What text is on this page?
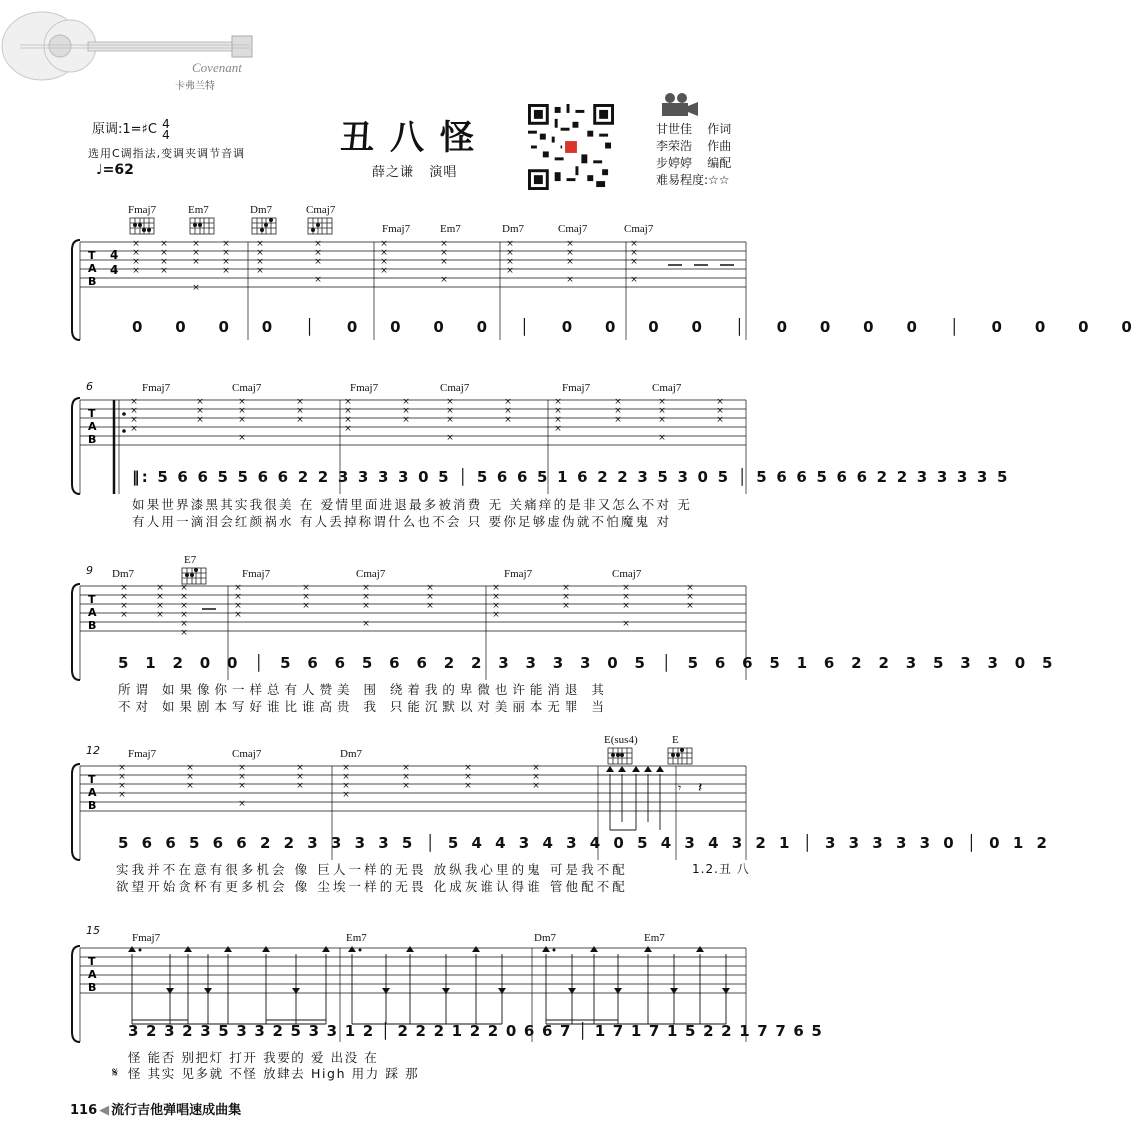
Covenant
卡弗兰特
原调:1=♯C 4
4
选用C调指法,变调夹调节音调
♩=62
丑八怪
薛之谦 演唱
甘世佳 作词
李荣浩 作曲
步婷婷 编配
难易程度:☆☆
Fmaj7	Em7	Dm7	Cmaj7
Fmaj7	Em7	Dm7	Cmaj7	Cmaj7
T
A
B
4
4
×
×
×
×
×
×
×
×
×
×
×
×
×
×
×
×
×
×
×
×
×
×
×
×
×
×
×
×
×
×
×
×
×
×
×
×
×
×
×
×
×
×
×
×
0 0 0 0 │ 0 0 0 0 │ 0 0 0 0 │ 0 0 0 0 │ 0 0 0 0
6	Fmaj7	Cmaj7	Fmaj7	Cmaj7	Fmaj7	Cmaj7
T
A
B
×
×
×
×
×
×
×
×
×
×
×
×
×
×
×
×
×
×
×
×
×
×
×
×
×
×
×
×
×
×
×
×
×
×
×
×
×
×
×
×
×
×
‖: 5 6 6 5 5 6 6 2 2 3 3 3 3 0 5 │ 5 6 6 5 1 6 2 2 3 5 3 0 5 │ 5 6 6 5 6 6 2 2 3 3 3 3 5
如果世界漆黑其实我很美 在 爱情里面进退最多被消费 无 关痛痒的是非又怎么不对 无
有人用一滴泪会红颜祸水 有人丢掉称谓什么也不会 只 要你足够虚伪就不怕魔鬼 对
9 Dm7
E7
Fmaj7	Cmaj7	Fmaj7	Cmaj7
T
A
B
×
×
×
×
×
×
×
×
×
×
×
×
×
×
×
×
×
×
×
×
×
×
×
×
×
×
×
×
×
×
×
×
×
×
×
×
×
×
×
×
×
×
5 1 2 0 0 │ 5 6 6 5 6 6 2 2 3 3 3 3 0 5 │ 5 6 6 5 1 6 2 2 3 5 3 3 0 5
所谓 如果像你一样总有人赞美 围 绕着我的卑微也许能消退 其
不对 如果剧本写好谁比谁高贵 我 只能沉默以对美丽本无罪 当
12	Fmaj7	Cmaj7	Dm7
E(sus4)	E
T
A
B
×
×
×
×
×
×
×
×
×
×
×
×
×
×
×
×
×
×
×
×
×
×
×
×
×
×
×	𝄾 𝄽
5 6 6 5 6 6 2 2 3 3 3 3 5 │ 5 4 4 3 4 3 4 0 5 4 3 4 3 2 1 │ 3 3 3 3 3 0 │ 0 1 2
实我并不在意有很多机会 像 巨人一样的无畏 放纵我心里的鬼 可是我不配
欲望开始贪杯有更多机会 像 尘埃一样的无畏 化成灰谁认得谁 管他配不配
1.2.丑 八
15
Fmaj7	Em7	Dm7	Em7
T
A
B
3 2 3 2 3 5 3 3 2 5 3 3 1 2 │ 2 2 2 1 2 2 0 6 6 7 │ 1 7 1 7 1 5 2 2 1 7 7 6 5
怪 能否 别把灯 打开 我要的 爱 出没 在
怪 其实 见多就 不怪 放肆去 High 用力 踩 那
𝄋
116 ◀ 流行吉他弹唱速成曲集
